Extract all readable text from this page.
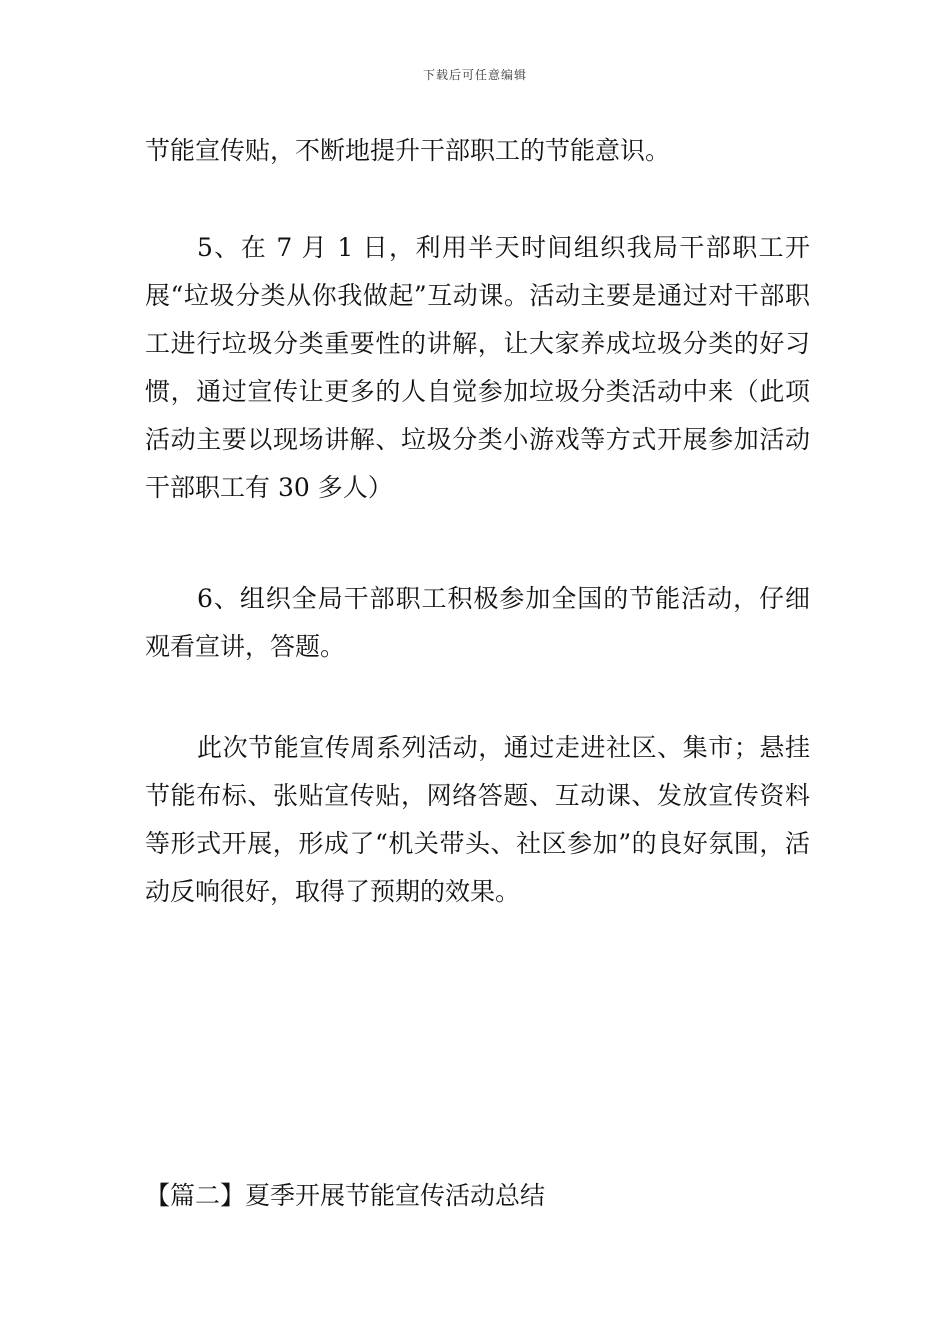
下载后可任意编辑

节能宣传贴，不断地提升干部职工的节能意识。

5、在 7 月 1 日，利用半天时间组织我局干部职工开展“垃圾分类从你我做起”互动课。活动主要是通过对干部职工进行垃圾分类重要性的讲解，让大家养成垃圾分类的好习惯，通过宣传让更多的人自觉参加垃圾分类活动中来（此项活动主要以现场讲解、垃圾分类小游戏等方式开展参加活动干部职工有 30 多人）

6、组织全局干部职工积极参加全国的节能活动，仔细观看宣讲，答题。

此次节能宣传周系列活动，通过走进社区、集市；悬挂节能布标、张贴宣传贴，网络答题、互动课、发放宣传资料等形式开展，形成了“机关带头、社区参加”的良好氛围，活动反响很好，取得了预期的效果。

【篇二】夏季开展节能宣传活动总结
